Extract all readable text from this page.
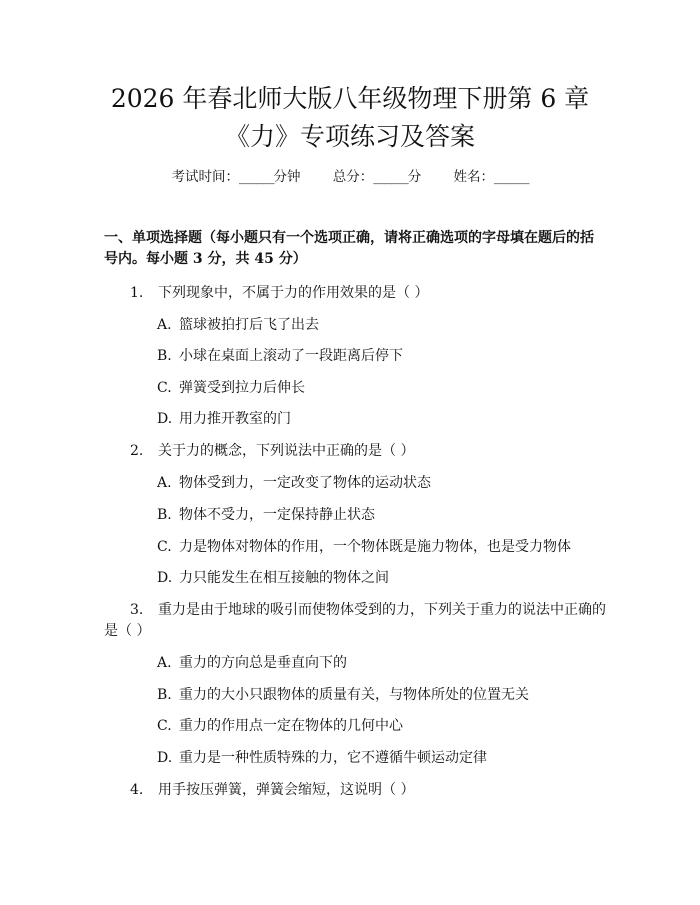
2026 年春北师大版八年级物理下册第 6 章
《力》专项练习及答案
考试时间：______分钟 总分：______分 姓名：______
一、单项选择题（每小题只有一个选项正确，请将正确选项的字母填在题后的括
号内。每小题 3 分，共 45 分）
1. 下列现象中，不属于力的作用效果的是（ ）
A. 篮球被拍打后飞了出去
B. 小球在桌面上滚动了一段距离后停下
C. 弹簧受到拉力后伸长
D. 用力推开教室的门
2. 关于力的概念，下列说法中正确的是（ ）
A. 物体受到力，一定改变了物体的运动状态
B. 物体不受力，一定保持静止状态
C. 力是物体对物体的作用，一个物体既是施力物体，也是受力物体
D. 力只能发生在相互接触的物体之间
3. 重力是由于地球的吸引而使物体受到的力，下列关于重力的说法中正确的
是（ ）
A. 重力的方向总是垂直向下的
B. 重力的大小只跟物体的质量有关，与物体所处的位置无关
C. 重力的作用点一定在物体的几何中心
D. 重力是一种性质特殊的力，它不遵循牛顿运动定律
4. 用手按压弹簧，弹簧会缩短，这说明（ ）
